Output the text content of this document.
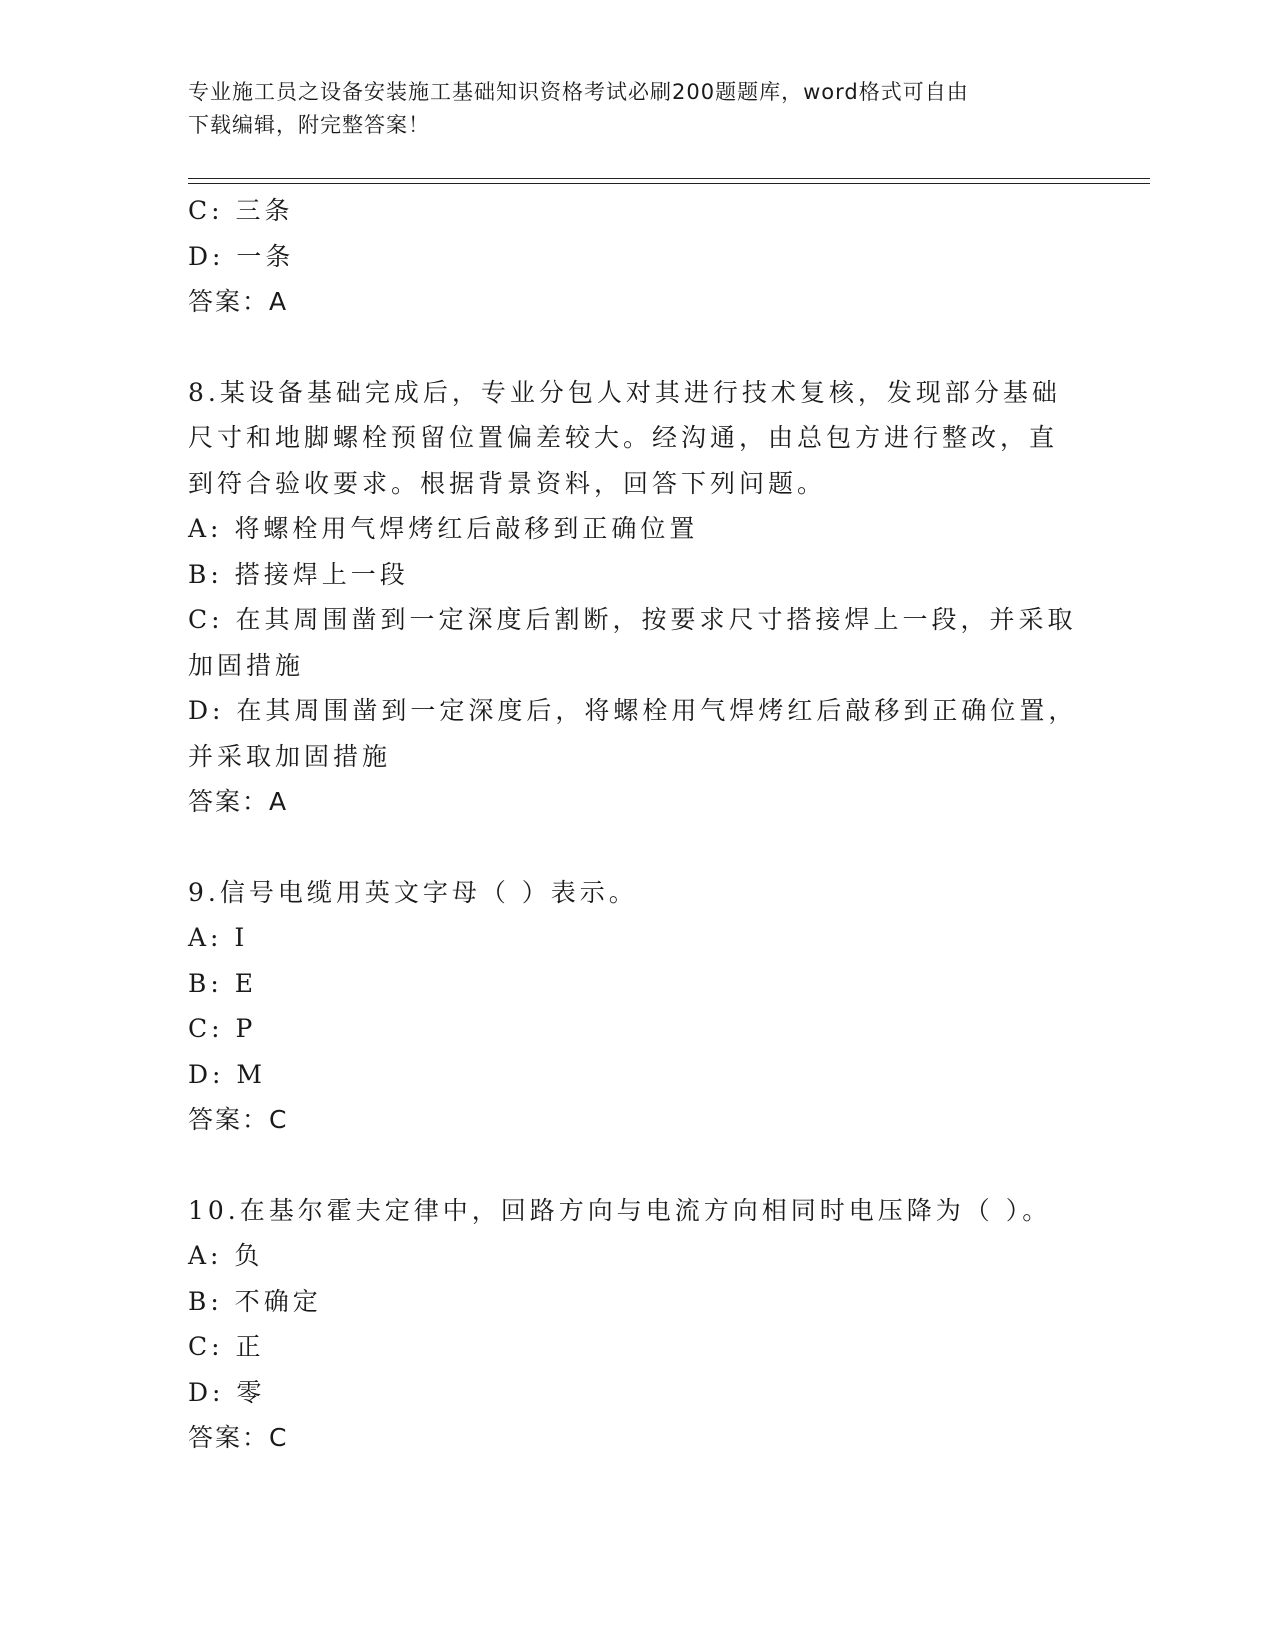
专业施工员之设备安装施工基础知识资格考试必刷200题题库，word格式可自由
下载编辑，附完整答案！

C: 三条

D: 一条

答案：A

8.某设备基础完成后，专业分包人对其进行技术复核，发现部分基础

尺寸和地脚螺栓预留位置偏差较大。经沟通，由总包方进行整改，直

到符合验收要求。根据背景资料，回答下列问题。

A: 将螺栓用气焊烤红后敲移到正确位置

B: 搭接焊上一段

C: 在其周围凿到一定深度后割断，按要求尺寸搭接焊上一段，并采取

加固措施

D: 在其周围凿到一定深度后，将螺栓用气焊烤红后敲移到正确位置，

并采取加固措施

答案：A

9.信号电缆用英文字母（ ）表示。

A: I

B: E

C: P

D: M

答案：C

10.在基尔霍夫定律中，回路方向与电流方向相同时电压降为（ ）。

A: 负

B: 不确定

C: 正

D: 零

答案：C
